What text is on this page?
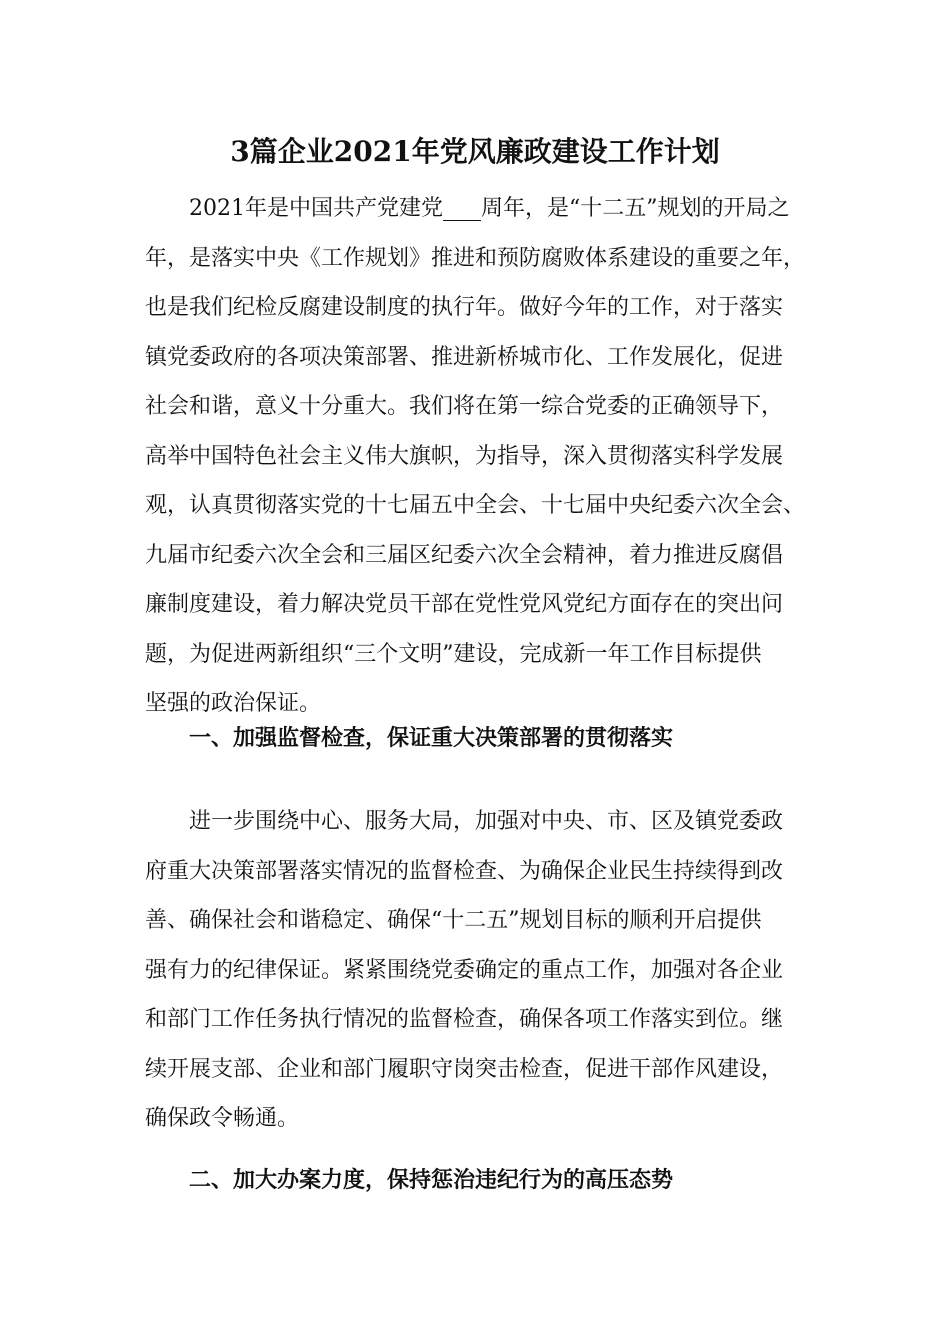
3篇企业2021年党风廉政建设工作计划
2021年是中国共产党建党 周年，是“十二五”规划的开局之
年，是落实中央《工作规划》推进和预防腐败体系建设的重要之年，
也是我们纪检反腐建设制度的执行年。做好今年的工作，对于落实
镇党委政府的各项决策部署、推进新桥城市化、工作发展化，促进
社会和谐，意义十分重大。我们将在第一综合党委的正确领导下，
高举中国特色社会主义伟大旗帜，为指导，深入贯彻落实科学发展
观，认真贯彻落实党的十七届五中全会、十七届中央纪委六次全会、
九届市纪委六次全会和三届区纪委六次全会精神，着力推进反腐倡
廉制度建设，着力解决党员干部在党性党风党纪方面存在的突出问
题，为促进两新组织“三个文明”建设，完成新一年工作目标提供
坚强的政治保证。
一、加强监督检查，保证重大决策部署的贯彻落实
进一步围绕中心、服务大局，加强对中央、市、区及镇党委政
府重大决策部署落实情况的监督检查、为确保企业民生持续得到改
善、确保社会和谐稳定、确保“十二五”规划目标的顺利开启提供
强有力的纪律保证。紧紧围绕党委确定的重点工作，加强对各企业
和部门工作任务执行情况的监督检查，确保各项工作落实到位。继
续开展支部、企业和部门履职守岗突击检查，促进干部作风建设，
确保政令畅通。
二、加大办案力度，保持惩治违纪行为的高压态势
